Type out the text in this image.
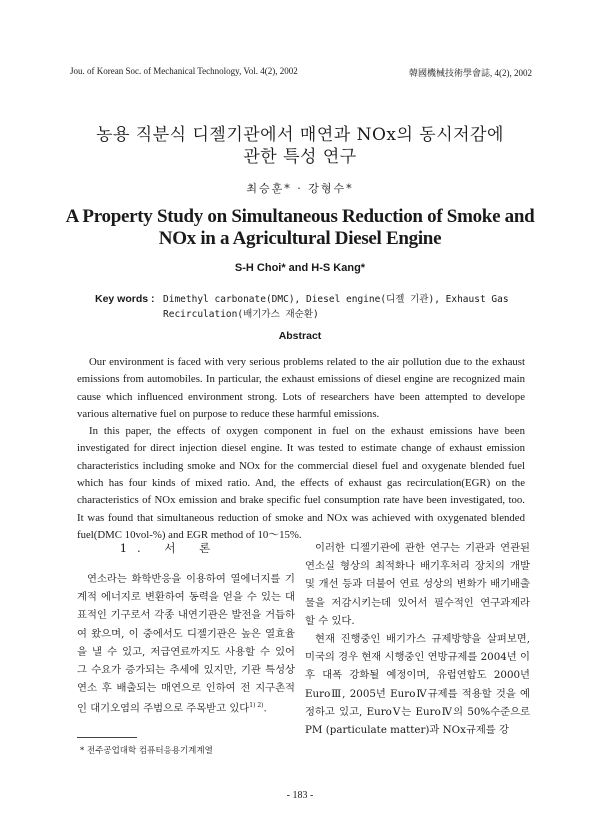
Jou. of Korean Soc. of Mechanical Technology, Vol. 4(2), 2002	韓國機械技術學會誌, 4(2), 2002
농용 직분식 디젤기관에서 매연과 NOx의 동시저감에
관한 특성 연구
최승훈* · 강형수*
A Property Study on Simultaneous Reduction of Smoke and
NOx in a Agricultural Diesel Engine
S-H Choi* and H-S Kang*
Key words : Dimethyl carbonate(DMC), Diesel engine(디젤 기관), Exhaust Gas Recirculation(배기가스 재순환)
Abstract

Our environment is faced with very serious problems related to the air pollution due to the exhaust emissions from automobiles. In particular, the exhaust emissions of diesel engine are recognized main cause which influenced environment strong. Lots of researchers have been attempted to develope various alternative fuel on purpose to reduce these harmful emissions.

In this paper, the effects of oxygen component in fuel on the exhaust emissions have been investigated for direct injection diesel engine. It was tested to estimate change of exhaust emission characteristics including smoke and NOx for the commercial diesel fuel and oxygenate blended fuel which has four kinds of mixed ratio. And, the effects of exhaust gas recirculation(EGR) on the characteristics of NOx emission and brake specific fuel consumption rate have been investigated, too. It was found that simultaneous reduction of smoke and NOx was achieved with oxygenated blended fuel(DMC 10vol-%) and EGR method of 10～15%.

1. 서 론

연소라는 화학반응을 이용하여 열에너지를 기계적 에너지로 변환하여 동력을 얻을 수 있는 대표적인 기구로서 각종 내연기관은 발전을 거듭하여 왔으며, 이 중에서도 디젤기관은 높은 열효율을 낼 수 있고, 저급연료까지도 사용할 수 있어 그 수요가 증가되는 추세에 있지만, 기관 특성상 연소 후 배출되는 매연으로 인하여 전 지구촌적인 대기오염의 주범으로 주목받고 있다$^{1) 2)}$.

이러한 디젤기관에 관한 연구는 기관과 연관된 연소실 형상의 최적화나 배기후처리 장치의 개발 및 개선 등과 더불어 연료 성상의 변화가 배기배출물을 저감시키는데 있어서 필수적인 연구과제라 할 수 있다.

현재 진행중인 배기가스 규제방향을 살펴보면, 미국의 경우 현재 시행중인 연방규제를 2004년 이후 대폭 강화될 예정이며, 유럽연합도 2000년 EuroⅢ, 2005년 EuroⅣ규제를 적용할 것을 예정하고 있고, EuroⅤ는 EuroⅣ의 50%수준으로 PM (particulate matter)과 NOx규제를 강

* 전주공업대학 컴퓨터응용기계계열
- 183 -
